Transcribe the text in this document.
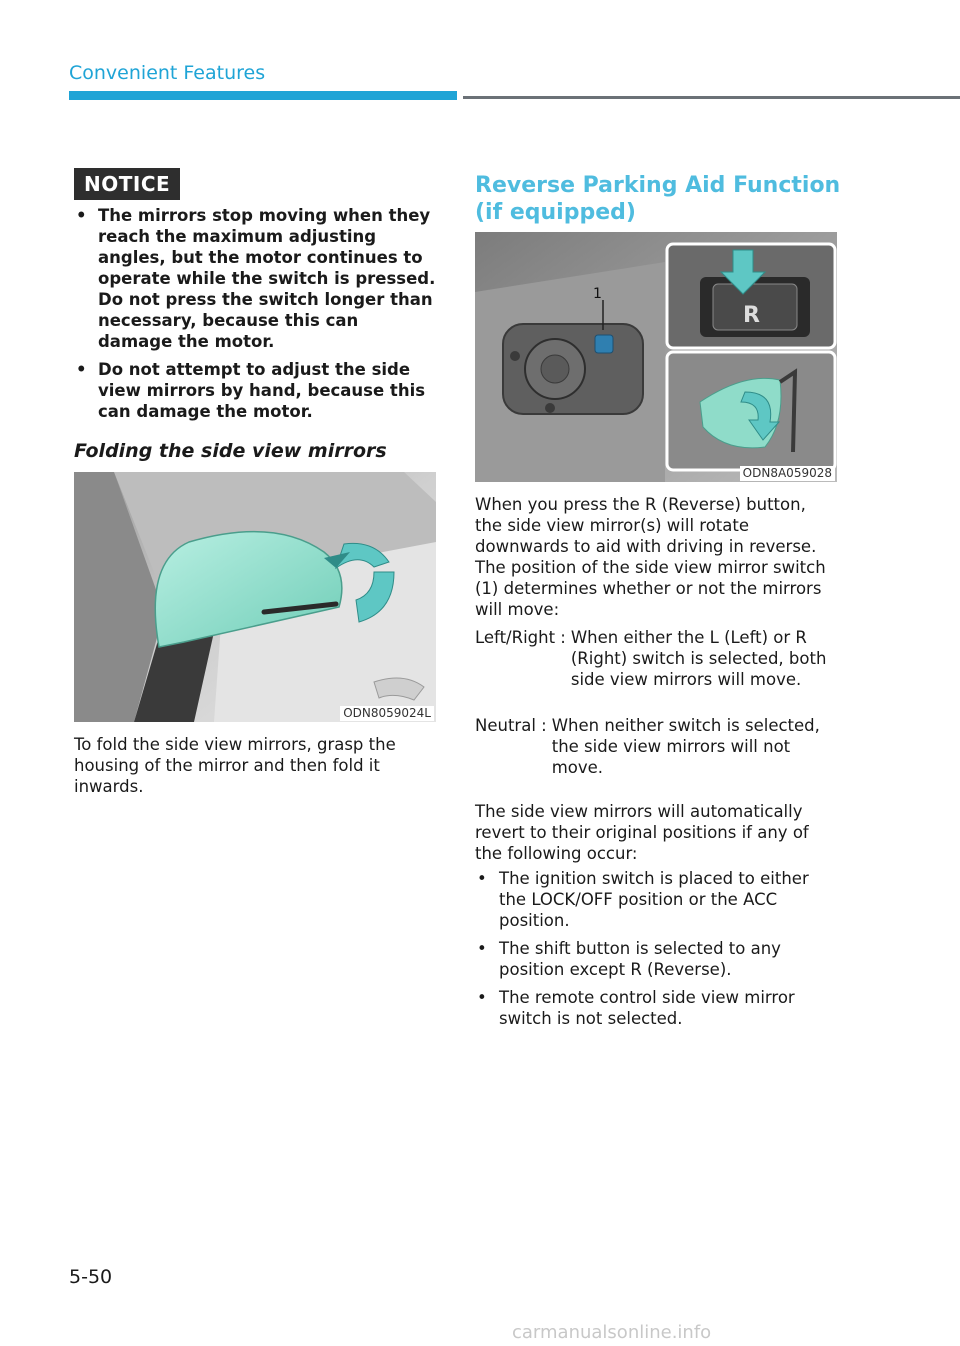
Convenient Features
NOTICE
• The mirrors stop moving when they reach the maximum adjusting angles, but the motor continues to operate while the switch is pressed. Do not press the switch longer than necessary, because this can damage the motor.
• Do not attempt to adjust the side view mirrors by hand, because this can damage the motor.
Folding the side view mirrors
ODN8059024L

To fold the side view mirrors, grasp the housing of the mirror and then fold it inwards.

Reverse Parking Aid Function
(if equipped)
1
R
ODN8A059028

When you press the R (Reverse) button, the side view mirror(s) will rotate downwards to aid with driving in reverse. The position of the side view mirror switch (1) determines whether or not the mirrors will move:

Left/Right : When either the L (Left) or R (Right) switch is selected, both side view mirrors will move.
Neutral : When neither switch is selected, the side view mirrors will not move.

The side view mirrors will automatically revert to their original positions if any of the following occur:

• The ignition switch is placed to either the LOCK/OFF position or the ACC position.
• The shift button is selected to any position except R (Reverse).
• The remote control side view mirror switch is not selected.
5-50
carmanualsonline.info
